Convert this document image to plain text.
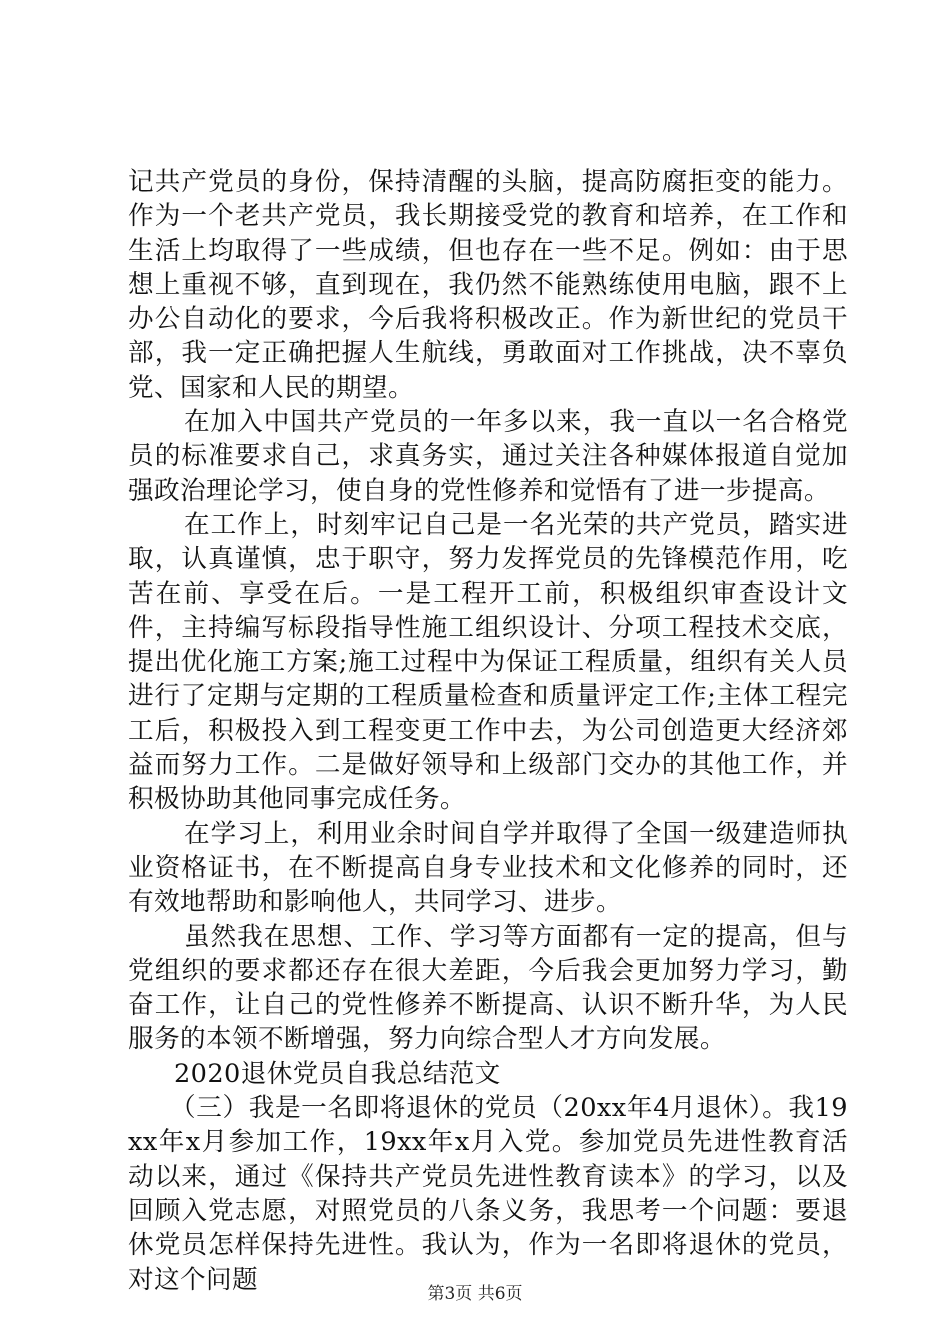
记共产党员的身份，保持清醒的头脑，提高防腐拒变的能力。作为一个老共产党员，我长期接受党的教育和培养，在工作和生活上均取得了一些成绩，但也存在一些不足。例如：由于思想上重视不够，直到现在，我仍然不能熟练使用电脑，跟不上办公自动化的要求，今后我将积极改正。作为新世纪的党员干部，我一定正确把握人生航线，勇敢面对工作挑战，决不辜负党、国家和人民的期望。

在加入中国共产党员的一年多以来，我一直以一名合格党员的标准要求自己，求真务实，通过关注各种媒体报道自觉加强政治理论学习，使自身的党性修养和觉悟有了进一步提高。

在工作上，时刻牢记自己是一名光荣的共产党员，踏实进取，认真谨慎，忠于职守，努力发挥党员的先锋模范作用，吃苦在前、享受在后。一是工程开工前，积极组织审查设计文件，主持编写标段指导性施工组织设计、分项工程技术交底，提出优化施工方案;施工过程中为保证工程质量，组织有关人员进行了定期与定期的工程质量检查和质量评定工作;主体工程完工后，积极投入到工程变更工作中去，为公司创造更大经济郊益而努力工作。二是做好领导和上级部门交办的其他工作，并积极协助其他同事完成任务。

在学习上，利用业余时间自学并取得了全国一级建造师执业资格证书，在不断提高自身专业技术和文化修养的同时，还有效地帮助和影响他人，共同学习、进步。

虽然我在思想、工作、学习等方面都有一定的提高，但与党组织的要求都还存在很大差距，今后我会更加努力学习，勤奋工作，让自己的党性修养不断提高、认识不断升华，为人民服务的本领不断增强，努力向综合型人才方向发展。

2020退休党员自我总结范文

（三）我是一名即将退休的党员（20xx年4月退休）。我19xx年x月参加工作，19xx年x月入党。参加党员先进性教育活动以来，通过《保持共产党员先进性教育读本》的学习，以及回顾入党志愿，对照党员的八条义务，我思考一个问题：要退休党员怎样保持先进性。我认为，作为一名即将退休的党员，对这个问题	第3页 共6页
